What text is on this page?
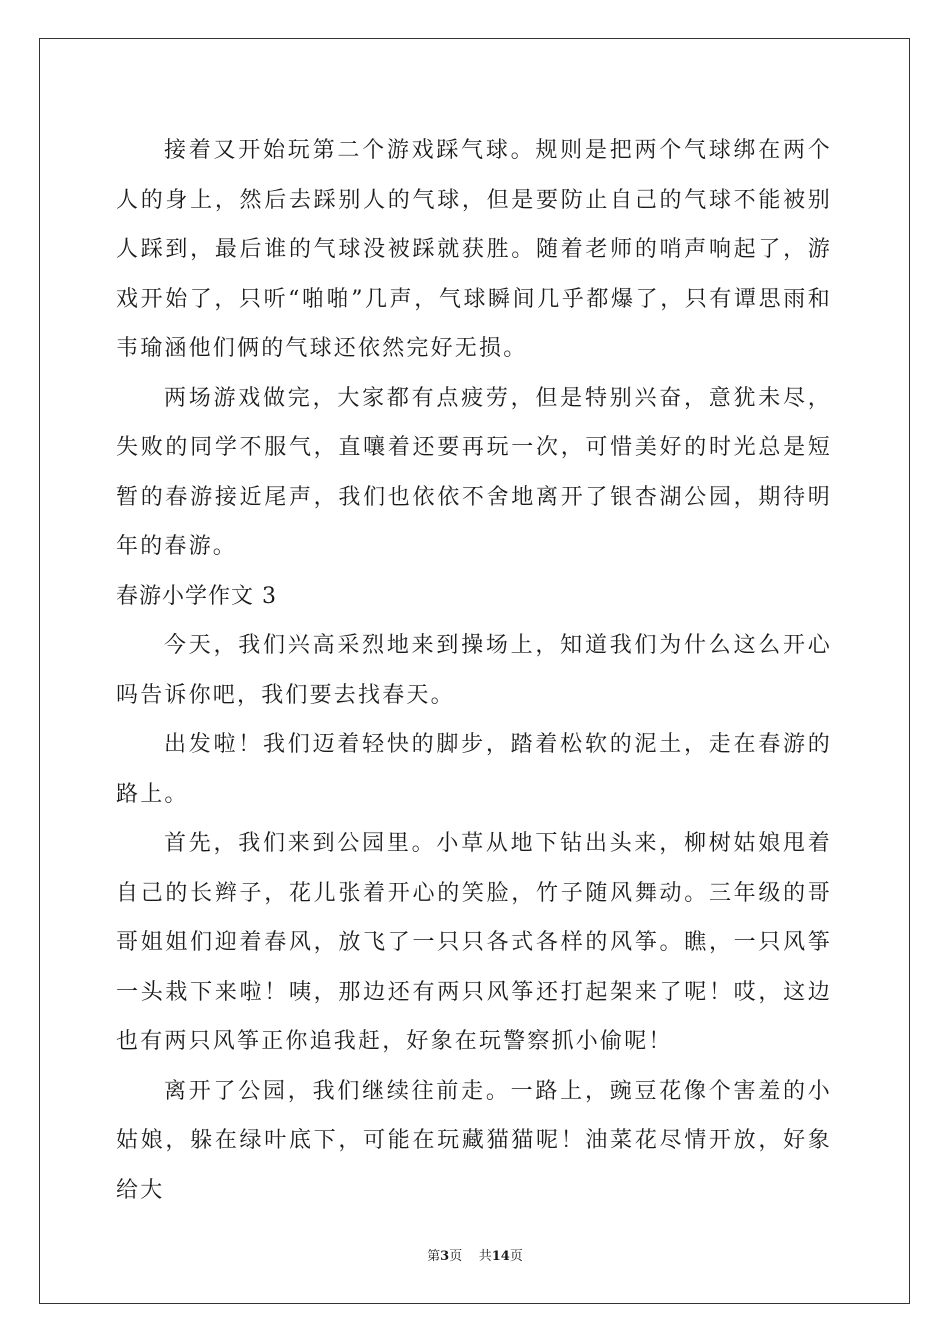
接着又开始玩第二个游戏踩气球。规则是把两个气球绑在两个人的身上，然后去踩别人的气球，但是要防止自己的气球不能被别人踩到，最后谁的气球没被踩就获胜。随着老师的哨声响起了，游戏开始了，只听“啪啪”几声，气球瞬间几乎都爆了，只有谭思雨和韦瑜涵他们俩的气球还依然完好无损。

两场游戏做完，大家都有点疲劳，但是特别兴奋，意犹未尽，失败的同学不服气，直嚷着还要再玩一次，可惜美好的时光总是短暂的春游接近尾声，我们也依依不舍地离开了银杏湖公园，期待明年的春游。

春游小学作文 3

今天，我们兴高采烈地来到操场上，知道我们为什么这么开心吗告诉你吧，我们要去找春天。

出发啦！我们迈着轻快的脚步，踏着松软的泥土，走在春游的路上。

首先，我们来到公园里。小草从地下钻出头来，柳树姑娘甩着自己的长辫子，花儿张着开心的笑脸，竹子随风舞动。三年级的哥哥姐姐们迎着春风，放飞了一只只各式各样的风筝。瞧，一只风筝一头栽下来啦！咦，那边还有两只风筝还打起架来了呢！哎，这边也有两只风筝正你追我赶，好象在玩警察抓小偷呢！

离开了公园，我们继续往前走。一路上，豌豆花像个害羞的小姑娘，躲在绿叶底下，可能在玩藏猫猫呢！油菜花尽情开放，好象给大

第3页 共14页
